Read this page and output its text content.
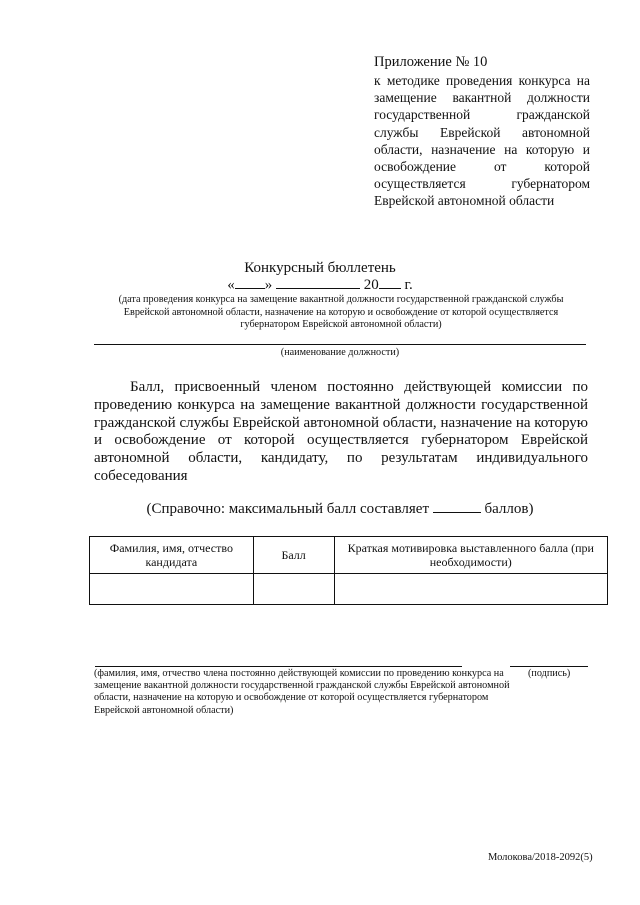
Приложение № 10
к методике проведения конкурса на замещение вакантной должности государственной гражданской службы Еврейской автономной области, назначение на которую и освобождение от которой осуществляется губернатором Еврейской автономной области
Конкурсный бюллетень
« »	20 г.
(дата проведения конкурса на замещение вакантной должности государственной гражданской службы Еврейской автономной области, назначение на которую и освобождение от которой осуществляется губернатором Еврейской автономной области)
(наименование должности)
Балл, присвоенный членом постоянно действующей комиссии по проведению конкурса на замещение вакантной должности государственной гражданской службы Еврейской автономной области, назначение на которую и освобождение от которой осуществляется губернатором Еврейской автономной области, кандидату, по результатам индивидуального собеседования
(Справочно: максимальный балл составляет	баллов)
Фамилия, имя, отчество кандидата	Балл	Краткая мотивировка выставленного балла (при необходимости)

(фамилия, имя, отчество члена постоянно действующей комиссии по проведению конкурса на замещение вакантной должности государственной гражданской службы Еврейской автономной области, назначение на которую и освобождение от которой осуществляется губернатором Еврейской автономной области)
(подпись)
Молокова/2018-2092(5)
